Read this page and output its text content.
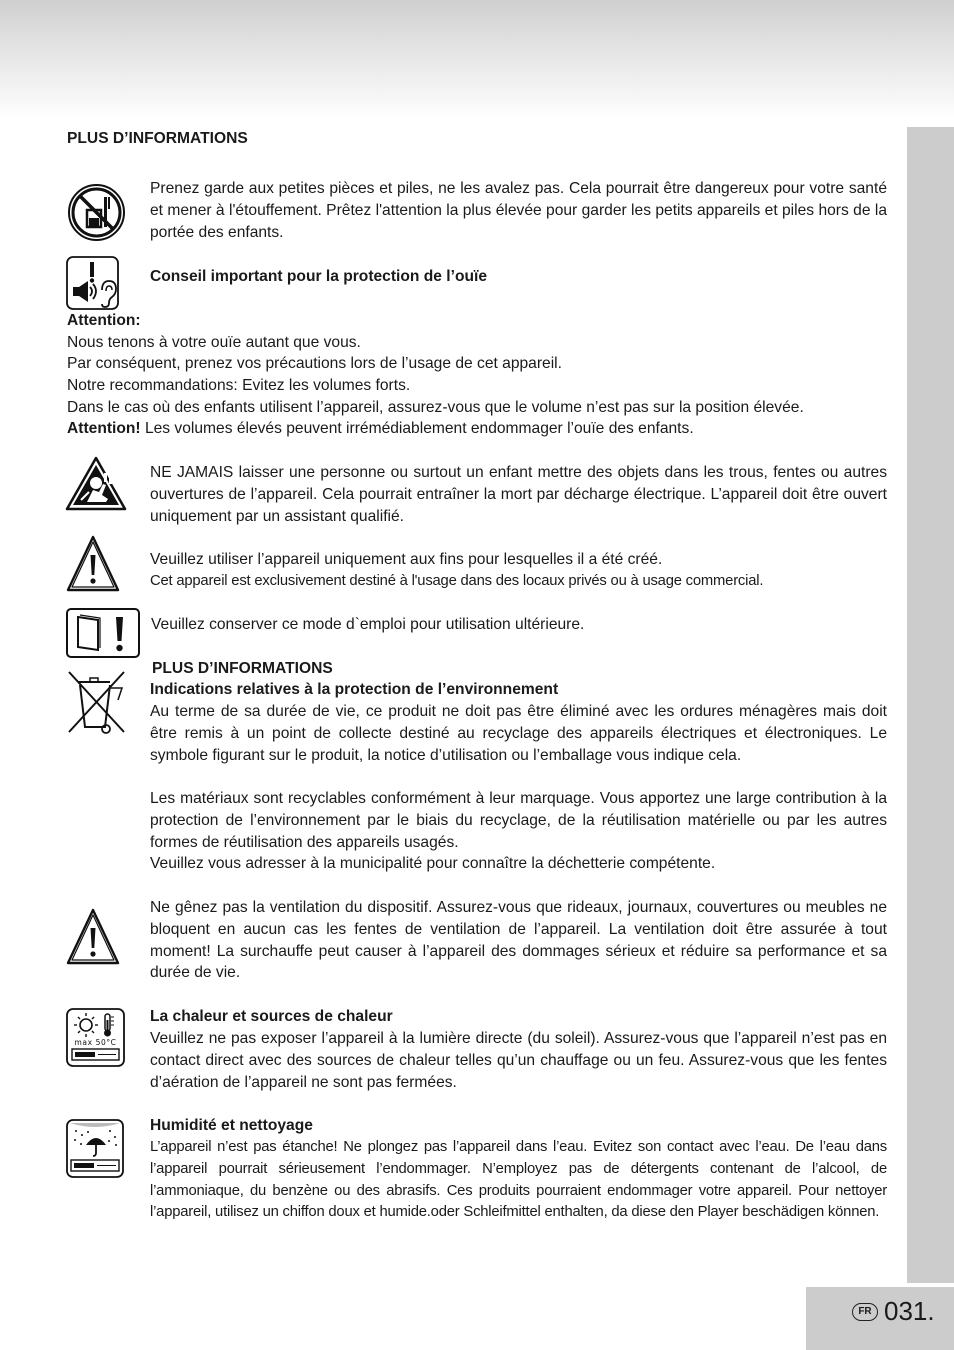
PLUS D’INFORMATIONS
Prenez garde aux petites pièces et piles, ne les avalez pas. Cela pourrait être dangereux pour votre santé et mener à l'étouffement. Prêtez l'attention la plus élevée pour garder les petits appareils et piles hors de la portée des enfants.
Conseil important pour la protection de l’ouïe
Attention:
Nous tenons à votre ouïe autant que vous.
Par conséquent, prenez vos précautions lors de l’usage de cet appareil.
Notre recommandations: Evitez les volumes forts.
Dans le cas où des enfants utilisent l’appareil, assurez-vous que le volume n’est pas sur la position élevée.
Attention! Les volumes élevés peuvent irrémédiablement endommager l’ouïe des enfants.
NE JAMAIS laisser une personne ou surtout un enfant mettre des objets dans les trous, fentes ou autres ouvertures de l’appareil. Cela pourrait entraîner la mort par décharge électrique. L’appareil doit être ouvert uniquement par un assistant qualifié.
Veuillez utiliser l’appareil uniquement aux fins pour lesquelles il a été créé.
Cet appareil est exclusivement destiné à l'usage dans des locaux privés ou à usage commercial.
Veuillez conserver ce mode d`emploi pour utilisation ultérieure.
PLUS D’INFORMATIONS
Indications relatives à la protection de l’environnement
Au terme de sa durée de vie, ce produit ne doit pas être éliminé avec les ordures ménagères mais doit être remis à un point de collecte destiné au recyclage des appareils électriques et électroniques. Le symbole figurant sur le produit, la notice d’utilisation ou l’emballage vous indique cela.
Les matériaux sont recyclables conformément à leur marquage. Vous apportez une large contribution à la protection de l’environnement par le biais du recyclage, de la réutilisation matérielle ou par les autres formes de réutilisation des appareils usagés.
Veuillez vous adresser à la municipalité pour connaître la déchetterie compétente.
Ne gênez pas la ventilation du dispositif. Assurez-vous que rideaux, journaux, couvertures ou meubles ne bloquent en aucun cas les fentes de ventilation de l’appareil. La ventilation doit être assurée à tout moment! La surchauffe peut causer à l’appareil des dommages sérieux et réduire sa performance et sa durée de vie.
max 50°C
La chaleur et sources de chaleur
Veuillez ne pas exposer l’appareil à la lumière directe (du soleil). Assurez-vous que l’appareil n’est pas en contact direct avec des sources de chaleur telles qu’un chauffage ou un feu. Assurez-vous que les fentes d’aération de l’appareil ne sont pas fermées.
Humidité et nettoyage
L’appareil n’est pas étanche! Ne plongez pas l’appareil dans l’eau. Evitez son contact avec l’eau. De l’eau dans l’appareil pourrait sérieusement l’endommager. N’employez pas de détergents contenant de l’alcool, de l’ammoniaque, du benzène ou des abrasifs. Ces produits pourraient endommager votre appareil. Pour nettoyer l’appareil, utilisez un chiffon doux et humide.oder Schleifmittel enthalten, da diese den Player beschädigen können.
FR 031.
